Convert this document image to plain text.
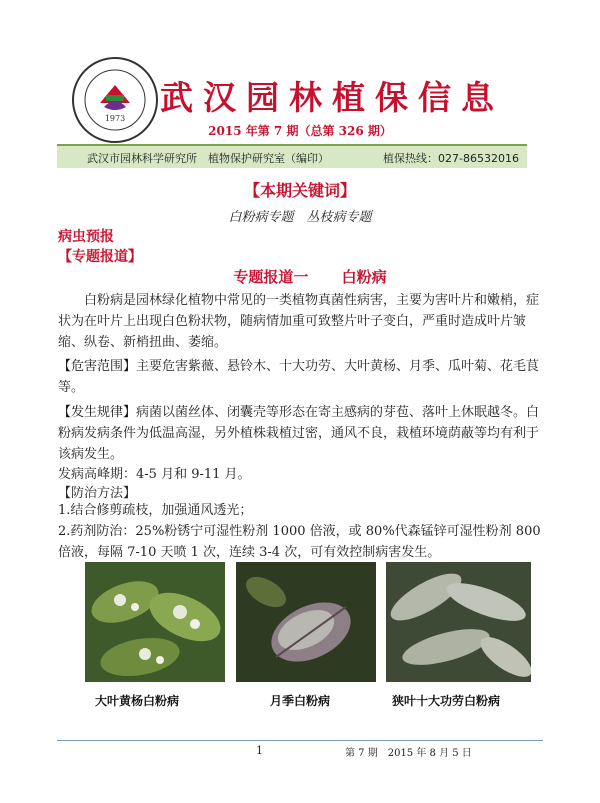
1973
武汉园林植保信息
2015 年第 7 期（总第 326 期）
武汉市园林科学研究所　植物保护研究室（编印）	植保热线：027-86532016
【本期关键词】
白粉病专题　丛枝病专题
病虫预报
【专题报道】
专题报道一 白粉病
白粉病是园林绿化植物中常见的一类植物真菌性病害，主要为害叶片和嫩梢，症状为在叶片上出现白色粉状物，随病情加重可致整片叶子变白，严重时造成叶片皱缩、纵卷、新梢扭曲、萎缩。
【危害范围】主要危害紫薇、悬铃木、十大功劳、大叶黄杨、月季、瓜叶菊、花毛茛等。
【发生规律】病菌以菌丝体、闭囊壳等形态在寄主感病的芽苞、落叶上休眠越冬。白粉病发病条件为低温高湿，另外植株栽植过密，通风不良，栽植环境荫蔽等均有利于该病发生。
发病高峰期：4-5 月和 9-11 月。
【防治方法】
1.结合修剪疏枝，加强通风透光；
2.药剂防治：25%粉锈宁可湿性粉剂 1000 倍液，或 80%代森锰锌可湿性粉剂 800 倍液，每隔 7-10 天喷 1 次，连续 3-4 次，可有效控制病害发生。
大叶黄杨白粉病	月季白粉病	狭叶十大功劳白粉病
1	第 7 期　2015 年 8 月 5 日
